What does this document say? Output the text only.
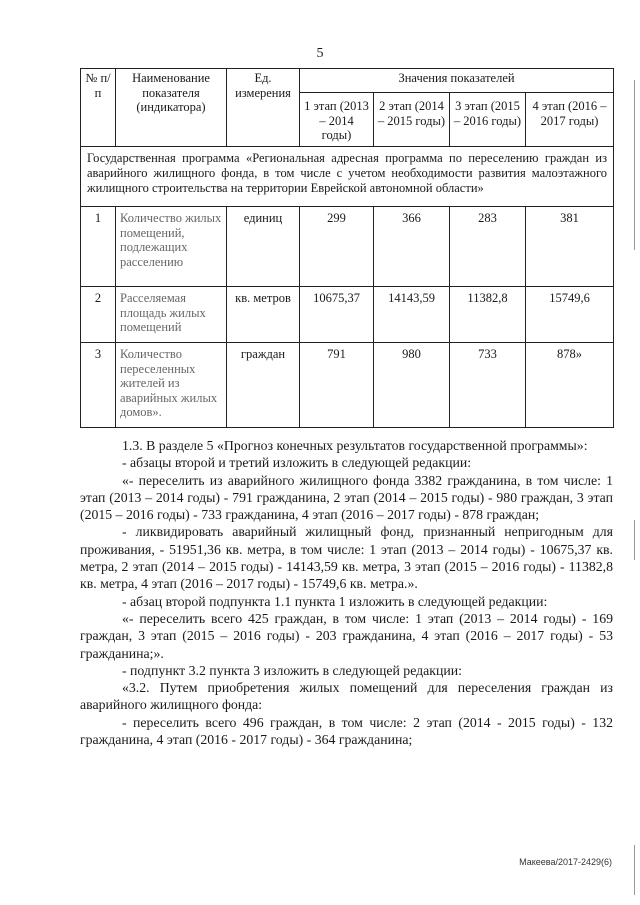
5
№ п/п	Наименование показателя (индикатора)	Ед. измерения	Значения показателей			
			1 этап (2013 – 2014 годы)	2 этап (2014 – 2015 годы)	3 этап (2015 – 2016 годы)	4 этап (2016 – 2017 годы)
Государственная программа «Региональная адресная программа по переселению граждан из аварийного жилищного фонда, в том числе с учетом необходимости развития малоэтажного жилищного строительства на территории Еврейской автономной области»						
1	Количество жилых помещений, подлежащих расселению	единиц	299	366	283	381
2	Расселяемая площадь жилых помещений	кв. метров	10675,37	14143,59	11382,8	15749,6
3	Количество переселенных жителей из аварийных жилых домов».	граждан	791	980	733	878»

1.3. В разделе 5 «Прогноз конечных результатов государственной программы»:

- абзацы второй и третий изложить в следующей редакции:

«- переселить из аварийного жилищного фонда 3382 гражданина, в том числе: 1 этап (2013 – 2014 годы) - 791 гражданина, 2 этап (2014 – 2015 годы) - 980 граждан, 3 этап (2015 – 2016 годы) - 733 гражданина, 4 этап (2016 – 2017 годы) - 878 граждан;

- ликвидировать аварийный жилищный фонд, признанный непригодным для проживания, - 51951,36 кв. метра, в том числе: 1 этап (2013 – 2014 годы) - 10675,37 кв. метра, 2 этап (2014 – 2015 годы) - 14143,59 кв. метра, 3 этап (2015 – 2016 годы) - 11382,8 кв. метра, 4 этап (2016 – 2017 годы) - 15749,6 кв. метра.».

- абзац второй подпункта 1.1 пункта 1 изложить в следующей редакции:

«- переселить всего 425 граждан, в том числе: 1 этап (2013 – 2014 годы) - 169 граждан, 3 этап (2015 – 2016 годы) - 203 гражданина, 4 этап (2016 – 2017 годы) - 53 гражданина;».

- подпункт 3.2 пункта 3 изложить в следующей редакции:

«3.2. Путем приобретения жилых помещений для переселения граждан из аварийного жилищного фонда:

- переселить всего 496 граждан, в том числе: 2 этап (2014 - 2015 годы) - 132 гражданина, 4 этап (2016 - 2017 годы) - 364 гражданина;

Макеева/2017-2429(6)
